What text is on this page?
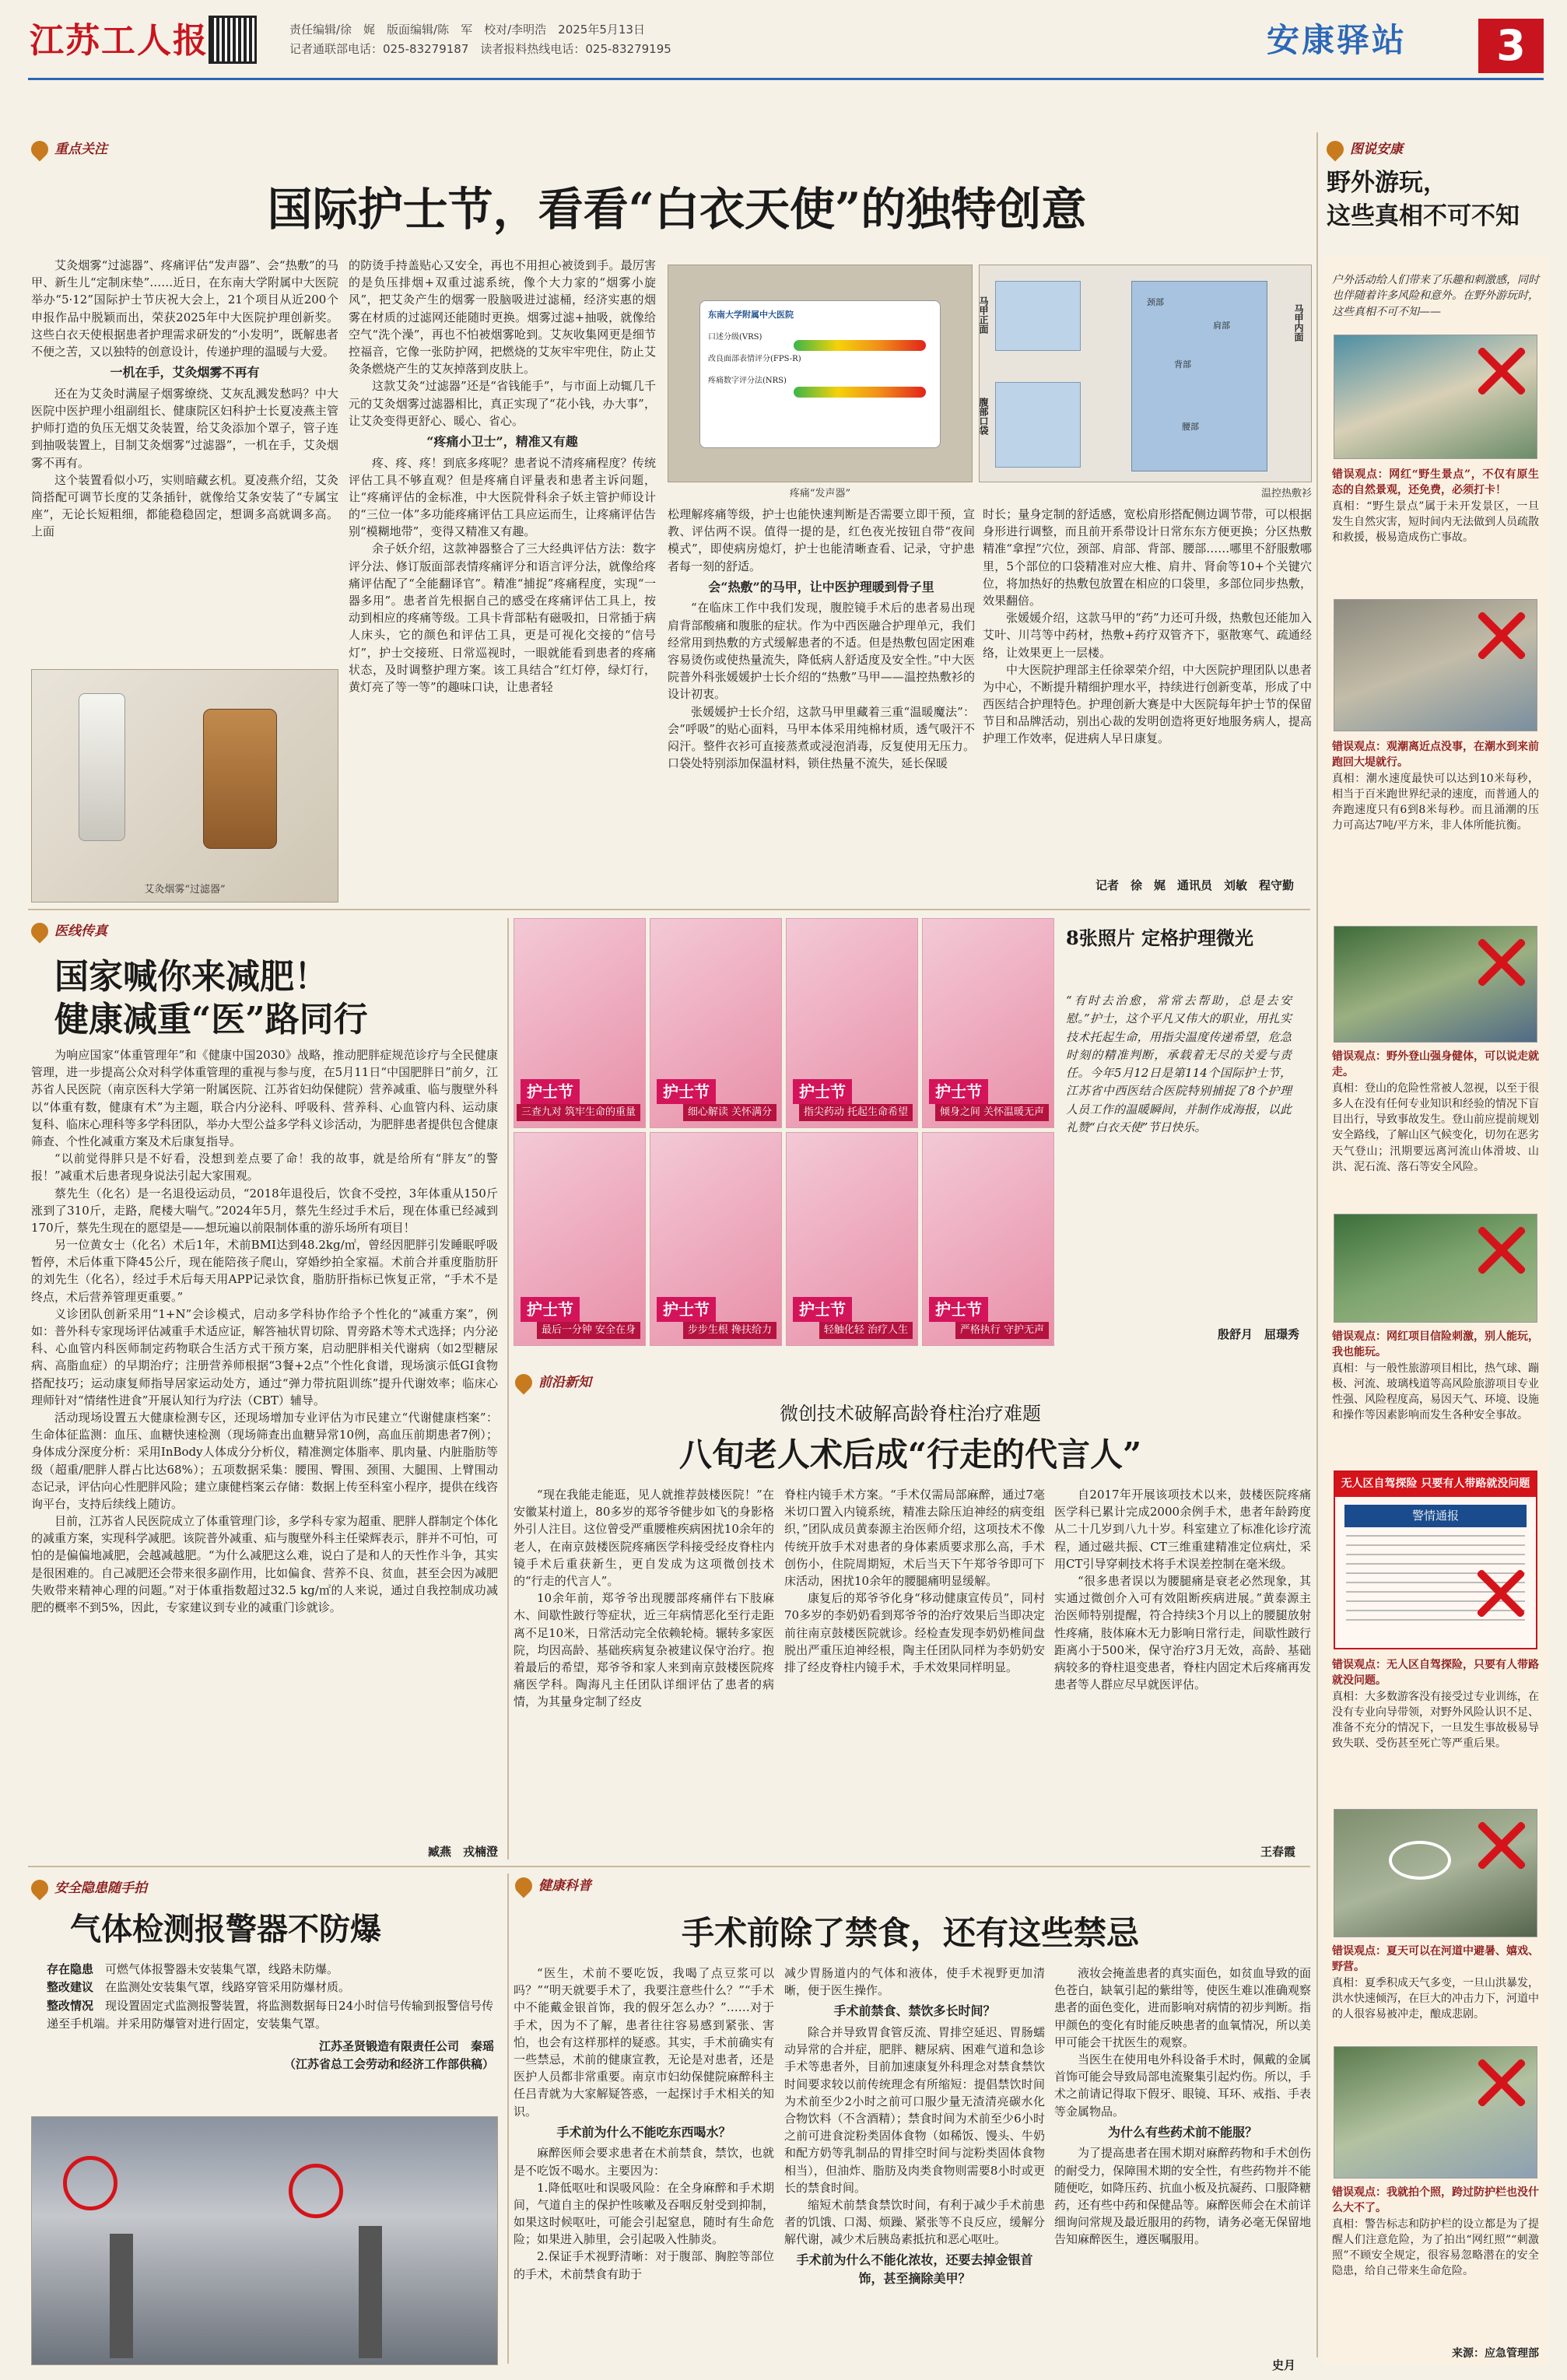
江苏工人报	责任编辑/徐　娓　版面编辑/陈　军　校对/李明浩　2025年5月13日
记者通联部电话：025-83279187　读者报料热线电话：025-83279195	安康驿站	3
重点关注
国际护士节，看看“白衣天使”的独特创意

艾灸烟雾“过滤器”、疼痛评估“发声器”、会“热敷”的马甲、新生儿“定制床垫”……近日，在东南大学附属中大医院举办“5·12”国际护士节庆祝大会上，21个项目从近200个申报作品中脱颖而出，荣获2025年中大医院护理创新奖。这些白衣天使根据患者护理需求研发的“小发明”，既解患者不便之苦，又以独特的创意设计，传递护理的温暖与大爱。

一机在手，艾灸烟雾不再有

还在为艾灸时满屋子烟雾缭绕、艾灰乱溅发愁吗？中大医院中医护理小组副组长、健康院区妇科护士长夏凌燕主管护师打造的负压无烟艾灸装置，给艾灸添加个罩子，管子连到抽吸装置上，目制艾灸烟雾“过滤器”，一机在手，艾灸烟雾不再有。

这个装置看似小巧，实则暗藏玄机。夏凌燕介绍，艾灸筒搭配可调节长度的艾条插针，就像给艾条安装了“专属宝座”，无论长短粗细，都能稳稳固定，想调多高就调多高。上面

艾灸烟雾“过滤器”

的防烫手持盖贴心又安全，再也不用担心被烫到手。最厉害的是负压排烟+双重过滤系统，像个大力家的“烟雾小旋风”，把艾灸产生的烟雾一股脑吸进过滤桶，经济实惠的烟雾在材质的过滤网还能随时更换。烟雾过滤+抽吸，就像给空气“洗个澡”，再也不怕被烟雾呛到。艾灰收集网更是细节控福音，它像一张防护网，把燃烧的艾灰牢牢兜住，防止艾灸条燃烧产生的艾灰掉落到皮肤上。

这款艾灸“过滤器”还是“省钱能手”，与市面上动辄几千元的艾灸烟雾过滤器相比，真正实现了“花小钱，办大事”，让艾灸变得更舒心、暖心、省心。

“疼痛小卫士”，精准又有趣

疼、疼、疼！到底多疼呢？患者说不清疼痛程度？传统评估工具不够直观？但是疼痛自评量表和患者主诉问题，让“疼痛评估的金标准，中大医院骨科余子妖主管护师设计的“三位一体”多功能疼痛评估工具应运而生，让疼痛评估告别“模糊地带”，变得又精准又有趣。

余子妖介绍，这款神器整合了三大经典评估方法：数字评分法、修订版面部表情疼痛评分和语言评分法，就像给疼痛评估配了“全能翻译官”。精准“捕捉”疼痛程度，实现“一器多用”。患者首先根据自己的感受在疼痛评估工具上，按动到相应的疼痛等级。工具卡背部粘有磁吸扣，日常插于病人床头，它的颜色和评估工具，更是可视化交接的“信号灯”，护士交接班、日常巡视时，一眼就能看到患者的疼痛状态，及时调整护理方案。该工具结合“红灯停，绿灯行，黄灯亮了等一等”的趣味口诀，让患者轻

东南大学附属中大医院
口述分级(VRS)
改良面部表情评分(FPS-R)
疼痛数字评分法(NRS)
疼痛“发声器”
马甲正面
腹部口袋
马甲内面
颈部
肩部
背部
腰部
温控热敷衫

松理解疼痛等级，护士也能快速判断是否需要立即干预，宣教、评估两不误。值得一提的是，红色夜光按钮自带“夜间模式”，即使病房熄灯，护士也能清晰查看、记录，守护患者每一刻的舒适。

会“热敷”的马甲，让中医护理暖到骨子里

“在临床工作中我们发现，腹腔镜手术后的患者易出现肩背部酸痛和腹胀的症状。作为中西医融合护理单元，我们经常用到热敷的方式缓解患者的不适。但是热敷包固定困难容易烫伤或使热量流失，降低病人舒适度及安全性。”中大医院普外科张媛媛护士长介绍的“热敷”马甲——温控热敷衫的设计初衷。

张媛媛护士长介绍，这款马甲里藏着三重“温暖魔法”：会“呼吸”的贴心面料，马甲本体采用纯棉材质，透气吸汗不闷汗。整件衣衫可直接蒸煮或浸泡消毒，反复使用无压力。口袋处特别添加保温材料，锁住热量不流失，延长保暖

时长；量身定制的舒适感，宽松肩形搭配侧边调节带，可以根据身形进行调整，而且前开系带设计日常东东方便更换；分区热敷精准“拿捏”穴位，颈部、肩部、背部、腰部……哪里不舒服敷哪里，5个部位的口袋精准对应大椎、肩井、肾俞等10+个关键穴位，将加热好的热敷包放置在相应的口袋里，多部位同步热敷，效果翻倍。

张媛媛介绍，这款马甲的“药”力还可升级，热敷包还能加入艾叶、川芎等中药材，热敷+药疗双管齐下，驱散寒气、疏通经络，让效果更上一层楼。

中大医院护理部主任徐翠荣介绍，中大医院护理团队以患者为中心，不断提升精细护理水平，持续进行创新变革，形成了中西医结合护理特色。护理创新大赛是中大医院每年护士节的保留节目和品牌活动，别出心裁的发明创造将更好地服务病人，提高护理工作效率，促进病人早日康复。

记者　徐　娓　通讯员　刘敏　程守勤
医线传真
国家喊你来减肥！
健康减重“医”路同行

为响应国家“体重管理年”和《健康中国2030》战略，推动肥胖症规范诊疗与全民健康管理，进一步提高公众对科学体重管理的重视与参与度，在5月11日“中国肥胖日”前夕，江苏省人民医院（南京医科大学第一附属医院、江苏省妇幼保健院）营养减重、临与腹壁外科以“体重有数，健康有术”为主题，联合内分泌科、呼吸科、营养科、心血管内科、运动康复科、临床心理科等多学科团队，举办大型公益多学科义诊活动，为肥胖患者提供包含健康筛查、个性化减重方案及术后康复指导。

“以前觉得胖只是不好看，没想到差点要了命！我的故事，就是给所有“胖友”的警报！”减重术后患者现身说法引起大家围观。

蔡先生（化名）是一名退役运动员，“2018年退役后，饮食不受控，3年体重从150斤涨到了310斤，走路，爬楼大喘气。”2024年5月，蔡先生经过手术后，现在体重已经减到170斤，蔡先生现在的愿望是——想玩遍以前限制体重的游乐场所有项目！

另一位黄女士（化名）术后1年，术前BMI达到48.2kg/㎡，曾经因肥胖引发睡眠呼吸暂停，术后体重下降45公斤，现在能陪孩子爬山，穿婚纱拍全家福。术前合并重度脂肪肝的刘先生（化名），经过手术后每天用APP记录饮食，脂肪肝指标已恢复正常，“手术不是终点，术后营养管理更重要。”

义诊团队创新采用“1+N”会诊模式，启动多学科协作给予个性化的“减重方案”，例如：普外科专家现场评估减重手术适应证，解答袖状胃切除、胃旁路术等术式选择；内分泌科、心血管内科医师制定药物联合生活方式干预方案，启动肥胖相关代谢病（如2型糖尿病、高脂血症）的早期治疗；注册营养师根据“3餐+2点”个性化食谱，现场演示低GI食物搭配技巧；运动康复师指导居家运动处方，通过“弹力带抗阻训练”提升代谢效率；临床心理师针对“情绪性进食”开展认知行为疗法（CBT）辅导。

活动现场设置五大健康检测专区，还现场增加专业评估为市民建立“代谢健康档案”：生命体征监测：血压、血糖快速检测（现场筛查出血糖异常10例，高血压前期患者7例）；身体成分深度分析：采用InBody人体成分分析仪，精准测定体脂率、肌肉量、内脏脂肪等级（超重/肥胖人群占比达68%）；五项数据采集：腰围、臀围、颈围、大腿围、上臂围动态记录，评估向心性肥胖风险；建立康健档案云存储：数据上传至科室小程序，提供在线咨询平台，支持后续线上随访。

目前，江苏省人民医院成立了体重管理门诊，多学科专家为超重、肥胖人群制定个体化的减重方案，实现科学减肥。该院普外减重、疝与腹壁外科主任梁辉表示，胖并不可怕，可怕的是偏偏地减肥，会越减越肥。“为什么减肥这么难，说白了是和人的天性作斗争，其实是很困难的。自己减肥还会带来很多副作用，比如偏食、营养不良、贫血，甚至会因为减肥失败带来精神心理的问题。”对于体重指数超过32.5 kg/㎡的人来说，通过自我控制成功减肥的概率不到5%，因此，专家建议到专业的减重门诊就诊。

臧燕　戎楠澄
护士节
三查九对 筑牢生命的重量
护士节
细心解读 关怀满分
护士节
指尖药动 托起生命希望
护士节
倾身之间 关怀温暖无声
护士节
最后一分钟 安全在身
护士节
步步生根 搀扶给力
护士节
轻触化轻 治疗人生
护士节
严格执行 守护无声
8张照片 定格护理微光
“有时去治愈，常常去帮助，总是去安慰。”护士，这个平凡又伟大的职业，用扎实技术托起生命，用指尖温度传递希望，危急时刻的精准判断，承载着无尽的关爱与责任。今年5月12日是第114个国际护士节，江苏省中西医结合医院特别捕捉了8个护理人员工作的温暖瞬间，并制作成海报，以此礼赞“白衣天使”节日快乐。
殷舒月　屈璟秀
前沿新知
微创技术破解高龄脊柱治疗难题
八旬老人术后成“行走的代言人”

“现在我能走能逛，见人就推荐鼓楼医院！”在安徽某村道上，80多岁的郑爷爷健步如飞的身影格外引人注目。这位曾受严重腰椎疾病困扰10余年的老人，在南京鼓楼医院疼痛医学科接受经皮脊柱内镜手术后重获新生，更自发成为这项微创技术的“行走的代言人”。

10余年前，郑爷爷出现腰部疼痛伴右下肢麻木、间歇性跛行等症状，近三年病情恶化至行走距离不足10米，日常活动完全依赖轮椅。辗转多家医院，均因高龄、基础疾病复杂被建议保守治疗。抱着最后的希望，郑爷爷和家人来到南京鼓楼医院疼痛医学科。陶海凡主任团队详细评估了患者的病情，为其量身定制了经皮

脊柱内镜手术方案。“手术仅需局部麻醉，通过7毫米切口置入内镜系统，精准去除压迫神经的病变组织，”团队成员黄泰源主治医师介绍，这项技术不像传统开放手术对患者的身体素质要求那么高，手术创伤小，住院周期短，术后当天下午郑爷爷即可下床活动，困扰10余年的腰腿痛明显缓解。

康复后的郑爷爷化身“移动健康宣传员”，同村70多岁的李奶奶看到郑爷爷的治疗效果后当即决定前往南京鼓楼医院就诊。经检查发现李奶奶椎间盘脱出严重压迫神经根，陶主任团队同样为李奶奶安排了经皮脊柱内镜手术，手术效果同样明显。

自2017年开展该项技术以来，鼓楼医院疼痛医学科已累计完成2000余例手术，患者年龄跨度从二十几岁到八九十岁。科室建立了标准化诊疗流程，通过磁共振、CT三维重建精准定位病灶，采用CT引导穿刺技术将手术误差控制在毫米级。

“很多患者误以为腰腿痛是衰老必然现象，其实通过微创介入可有效阻断疾病进展。”黄泰源主治医师特别提醒，符合持续3个月以上的腰腿放射性疼痛，肢体麻木无力影响日常行走，间歇性跛行距离小于500米，保守治疗3月无效，高龄、基础病较多的脊柱退变患者，脊柱内固定术后疼痛再发患者等人群应尽早就医评估。

王春霞
安全隐患随手拍
气体检测报警器不防爆
存在隐患　 可燃气体报警器未安装集气罩，线路未防爆。
整改建议　 在监测处安装集气罩，线路穿管采用防爆材质。
整改情况　 现设置固定式监测报警装置，将监测数据每日24小时信号传输到报警信号传递至手机端。并采用防爆管对进行固定，安装集气罩。
江苏圣贤锻造有限责任公司　秦瑶
（江苏省总工会劳动和经济工作部供稿）
健康科普
手术前除了禁食，还有这些禁忌

“医生，术前不要吃饭，我喝了点豆浆可以吗？”“明天就要手术了，我要注意些什么？”“手术中不能戴金银首饰，我的假牙怎么办？”……对于手术，因为不了解，患者往往容易感到紧张、害怕，也会有这样那样的疑惑。其实，手术前确实有一些禁忌，术前的健康宣教，无论是对患者，还是医护人员都非常重要。南京市妇幼保健院麻醉科主任吕青就为大家解疑答惑，一起探讨手术相关的知识。

手术前为什么不能吃东西喝水？

麻醉医师会要求患者在术前禁食，禁饮，也就是不吃饭不喝水。主要因为：

1.降低呕吐和误吸风险：在全身麻醉和手术期间，气道自主的保护性咳嗽及吞咽反射受到抑制，如果这时候呕吐，可能会引起窒息，随时有生命危险；如果进入肺里，会引起吸入性肺炎。

2.保证手术视野清晰：对于腹部、胸腔等部位的手术，术前禁食有助于

减少胃肠道内的气体和液体，使手术视野更加清晰，便于医生操作。

手术前禁食、禁饮多长时间？

除合并导致胃食管反流、胃排空延迟、胃肠蠕动异常的合并症，肥胖、糖尿病、困难气道和急诊手术等患者外，目前加速康复外科理念对禁食禁饮时间要求较以前传统理念有所缩短：提倡禁饮时间为术前至少2小时之前可口服少量无渣清亮碳水化合物饮料（不含酒精）；禁食时间为术前至少6小时之前可进食淀粉类固体食物（如稀饭、馒头、牛奶和配方奶等乳制品的胃排空时间与淀粉类固体食物相当），但油炸、脂肪及肉类食物则需要8小时或更长的禁食时间。

缩短术前禁食禁饮时间，有利于减少手术前患者的饥饿、口渴、烦躁、紧张等不良反应，缓解分解代谢，减少术后胰岛素抵抗和恶心呕吐。

手术前为什么不能化浓妆，还要去掉金银首饰，甚至摘除美甲？

液妆会掩盖患者的真实面色，如贫血导致的面色苍白，缺氧引起的紫绀等，使医生难以准确观察患者的面色变化，进而影响对病情的初步判断。指甲颜色的变化有时能反映患者的血氧情况，所以美甲可能会干扰医生的观察。

当医生在使用电外科设备手术时，佩戴的金属首饰可能会导致局部电流聚集引起灼伤。所以，手术之前请记得取下假牙、眼镜、耳环、戒指、手表等金属物品。

为什么有些药术前不能服？

为了提高患者在围术期对麻醉药物和手术创伤的耐受力，保障围术期的安全性，有些药物并不能随便吃，如降压药、抗血小板及抗凝药、口服降糖药，还有些中药和保健品等。麻醉医师会在术前详细询问常规及最近服用的药物，请务必毫无保留地告知麻醉医生，遵医嘱服用。

史月
图说安康
野外游玩，
这些真相不可不知
户外活动给人们带来了乐趣和刺激感，同时也伴随着许多风险和意外。在野外游玩时，这些真相不可不知——
错误观点：网红“野生景点”，不仅有原生态的自然景观，还免费，必须打卡！
真相：“野生景点”属于未开发景区，一旦发生自然灾害，短时间内无法做到人员疏散和救援，极易造成伤亡事故。
错误观点：观潮离近点没事，在潮水到来前跑回大堤就行。
真相：潮水速度最快可以达到10米每秒，相当于百米跑世界纪录的速度，而普通人的奔跑速度只有6到8米每秒。而且涌潮的压力可高达7吨/平方米，非人体所能抗衡。
错误观点：野外登山强身健体，可以说走就走。
真相：登山的危险性常被人忽视，以至于很多人在没有任何专业知识和经验的情况下盲目出行，导致事故发生。登山前应提前规划安全路线，了解山区气候变化，切勿在恶劣天气登山；汛期要远离河流山体滑坡、山洪、泥石流、落石等安全风险。
错误观点：网红项目信险刺激，别人能玩，我也能玩。
真相：与一般性旅游项目相比，热气球、蹦极、河流、玻璃栈道等高风险旅游项目专业性强、风险程度高，易因天气、环境、设施和操作等因素影响而发生各种安全事故。
无人区自驾探险 只要有人带路就没问题
警情通报
错误观点：无人区自驾探险，只要有人带路就没问题。
真相：大多数游客没有接受过专业训练，在没有专业向导带领，对野外风险认识不足、准备不充分的情况下，一旦发生事故极易导致失联、受伤甚至死亡等严重后果。
错误观点：夏天可以在河道中避暑、嬉戏、野营。
真相：夏季积成天气多变，一旦山洪暴发，洪水快速倾泻，在巨大的冲击力下，河道中的人很容易被冲走，酿成悲剧。
错误观点：我就拍个照，跨过防护栏也没什么大不了。
真相：警告标志和防护栏的设立都是为了提醒人们注意危险，为了拍出“网红照”“刺激照”不顾安全规定，很容易忽略潜在的安全隐患，给自己带来生命危险。
来源：应急管理部
